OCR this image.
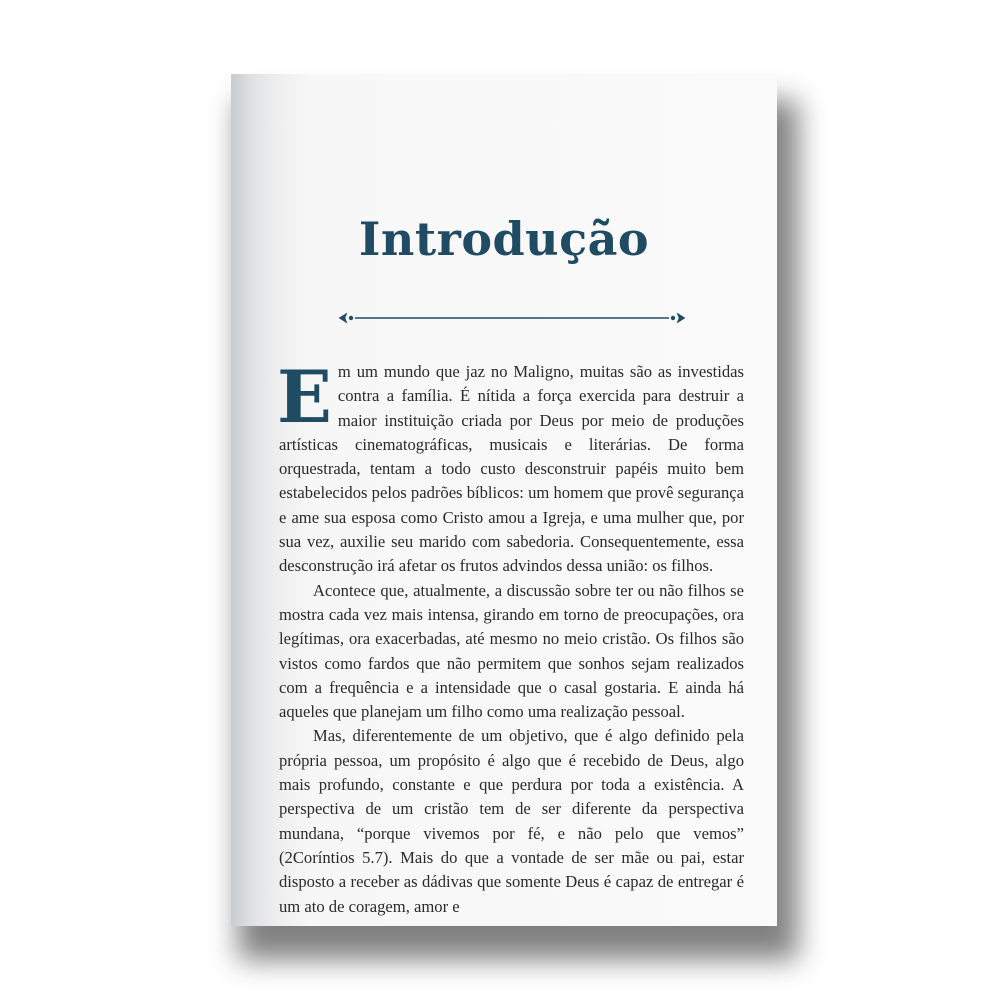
Introdução

Em um mundo que jaz no Maligno, muitas são as investidas contra a família. É nítida a força exercida para destruir a maior instituição criada por Deus por meio de produções artísticas cinematográficas, musicais e literárias. De forma orquestrada, tentam a todo custo desconstruir papéis muito bem estabelecidos pelos padrões bíblicos: um homem que provê segurança e ame sua esposa como Cristo amou a Igreja, e uma mulher que, por sua vez, auxilie seu marido com sabedoria. Consequentemente, essa desconstrução irá afetar os frutos advindos dessa união: os filhos.

Acontece que, atualmente, a discussão sobre ter ou não filhos se mostra cada vez mais intensa, girando em torno de preocupações, ora legítimas, ora exacerbadas, até mesmo no meio cristão. Os filhos são vistos como fardos que não permitem que sonhos sejam realizados com a frequência e a intensidade que o casal gostaria. E ainda há aqueles que planejam um filho como uma realização pessoal.

Mas, diferentemente de um objetivo, que é algo definido pela própria pessoa, um propósito é algo que é recebido de Deus, algo mais profundo, constante e que perdura por toda a existência. A perspectiva de um cristão tem de ser diferente da perspectiva mundana, “porque vivemos por fé, e não pelo que vemos” (2Coríntios 5.7). Mais do que a vontade de ser mãe ou pai, estar disposto a receber as dádivas que somente Deus é capaz de entregar é um ato de coragem, amor e
